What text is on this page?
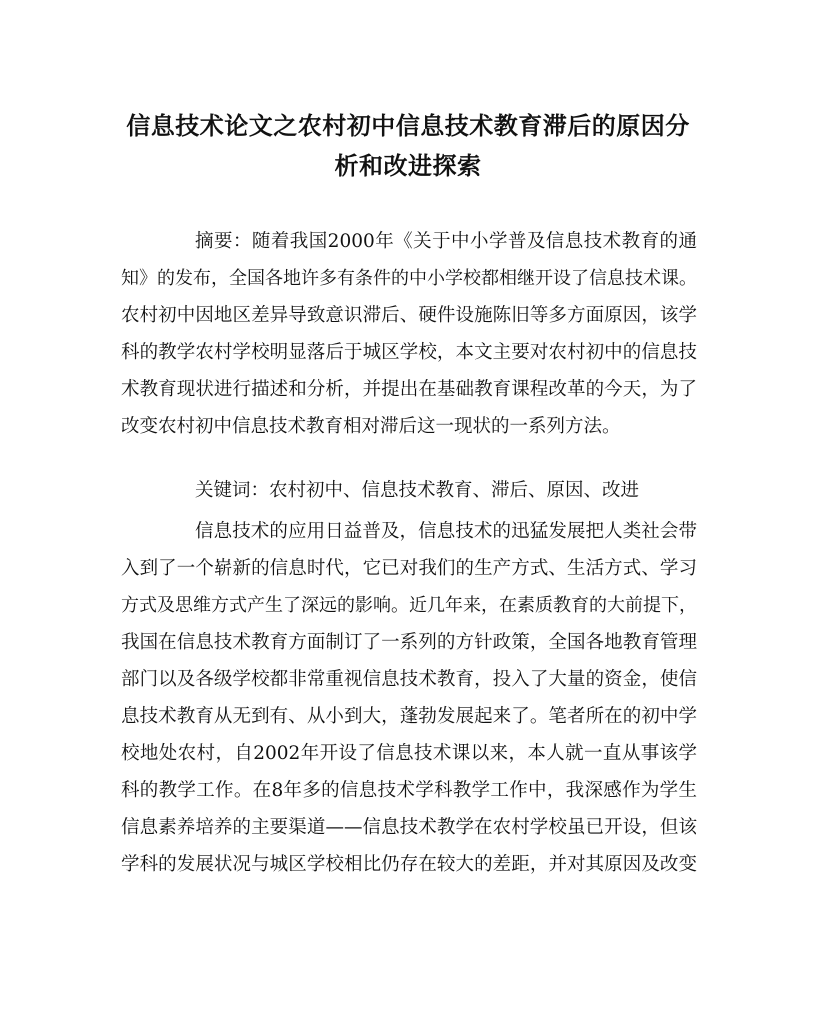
信息技术论文之农村初中信息技术教育滞后的原因分
析和改进探索
摘要：随着我国2000年《关于中小学普及信息技术教育的通
知》的发布，全国各地许多有条件的中小学校都相继开设了信息技术课。
农村初中因地区差异导致意识滞后、硬件设施陈旧等多方面原因，该学
科的教学农村学校明显落后于城区学校，本文主要对农村初中的信息技
术教育现状进行描述和分析，并提出在基础教育课程改革的今天，为了
改变农村初中信息技术教育相对滞后这一现状的一系列方法。
关键词：农村初中、信息技术教育、滞后、原因、改进
信息技术的应用日益普及，信息技术的迅猛发展把人类社会带
入到了一个崭新的信息时代，它已对我们的生产方式、生活方式、学习
方式及思维方式产生了深远的影响。近几年来，在素质教育的大前提下，
我国在信息技术教育方面制订了一系列的方针政策，全国各地教育管理
部门以及各级学校都非常重视信息技术教育，投入了大量的资金，使信
息技术教育从无到有、从小到大，蓬勃发展起来了。笔者所在的初中学
校地处农村，自2002年开设了信息技术课以来，本人就一直从事该学
科的教学工作。在8年多的信息技术学科教学工作中，我深感作为学生
信息素养培养的主要渠道——信息技术教学在农村学校虽已开设，但该
学科的发展状况与城区学校相比仍存在较大的差距，并对其原因及改变
